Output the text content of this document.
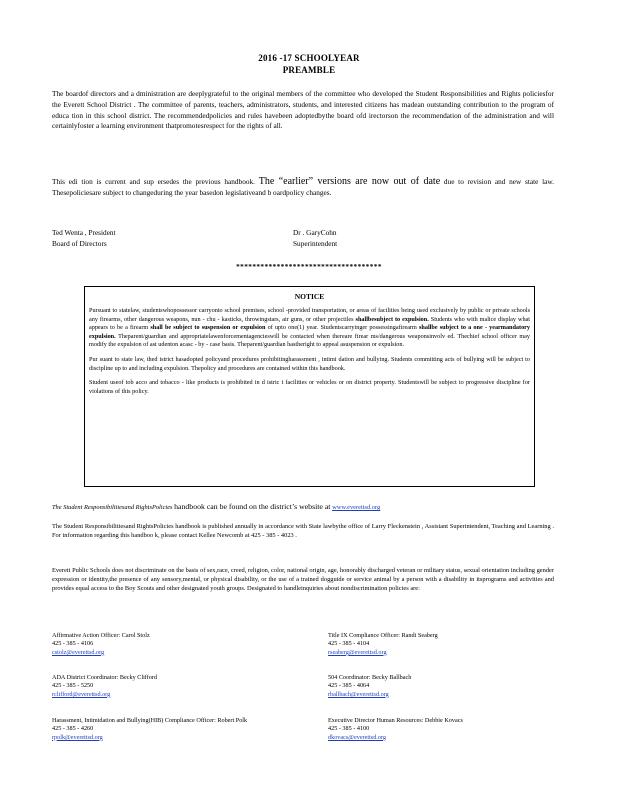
2016 -17 SCHOOLYEAR
PREAMBLE

The boardof directors and a dministration are deeplygrateful to the original members of the committee who developed the Student Responsibilities and Rights policiesfor the Everett School District . The committee of parents, teachers, administrators, students, and interested citizens has madean outstanding contribution to the program of educa tion in this school district. The recommendedpolicies and rules havebeen adoptedbythe board ofd irectorson the recommendation of the administration and will certainlyfoster a learning environment thatpromotesrespect for the rights of all.

This edi tion is current and sup ersedes the previous handbook. The “earlier” versions are now out of date due to revision and new state law. Thesepoliciesare subject to changeduring the year basedon legislativeand b oardpolicy changes.

Ted Wenta , President
Board of Directors
Dr . GaryCohn
Superintendent
************************************
NOTICE

Pursuant to statelaw, studentswhopossessor carryonto school premises, school -provided transportation, or areas of facilities being used exclusively by public or private schools any firearms, other dangerous weapons, nun - chu - kasticks, throwingstars, air guns, or other projectiles shallbesubject to expulsion. Students who with malice display what appears to be a firearm shall be subject to suspension or expulsion of upto one(1) year. Studentscarryinger possessingafirearm shallbe subject to a one - yearmandatory expulsion. Theparent/guardian and appropriatelawenforcementagencieswill be contacted when thereare firear ms/dangerous weaponsinvolv ed. Thechief school officer may modify the expulsion of ast udenton acasc - by - case basis. Theparent/guardian hastheright to appeal asuspension or expulsion.

Pur suant to state law, thed istrict hasadopted policyand procedures prohibitingharassment , intimi dation and bullying. Students committing acts of bullying will be subject to discipline up to and including expulsion. Thepolicy and procedures are contained within this handbook.

Student useof tob acco and tobacco - like products is prohibited in d istric t facilities or vehicles or on district property. Studentswill be subject to progressive discipline for violations of this policy.

The Student Responsibilitiesand RightsPolicies handbook can be found on the district’s website at www.everettsd.org

The Student Responsibilitiesand RightsPolicies handbook is published annually in accordance with State lawbythe office of Larry Fleckenstein , Assistant Superintendent, Teaching and Learning . For information regarding this handboo k, please contact Kellee Newcomb at 425 - 385 - 4023 .

Everett Public Schools does not discriminate on the basis of sex,race, creed, religion, color, national origin, age, honorably discharged veteran or military status, sexual orientation including gender expression or identity,the presence of any sensory,mental, or physical disability, or the use of a trained dogguide or service animal by a person with a disability in itsprograms and activities and provides equal access to the Boy Scouts and other designated youth groups. Designated to handleinquiries about nondiscrimination policies are:

Affirmative Action Officer: Carol Stolz
425 - 385 - 4106
cstolz@everettsd.org
Title IX Compliance Officer: Randi Seaberg
425 - 385 - 4104
rseaberg@everettsd.org
ADA District Coordinator: Becky Clifford
425 - 385 - 5250
rclifford@everettsd.org
504 Coordinator: Becky Ballbach
425 - 385 - 4064
rballbach@everettsd.org
Harassment, Intimidation and Bullying(HIB) Compliance Officer: Robert Polk
425 - 385 - 4260
rpolk@everettsd.org
Executive Director Human Resources: Debbie Kovacs
425 - 385 - 4100
dkovacs@everettsd.org
